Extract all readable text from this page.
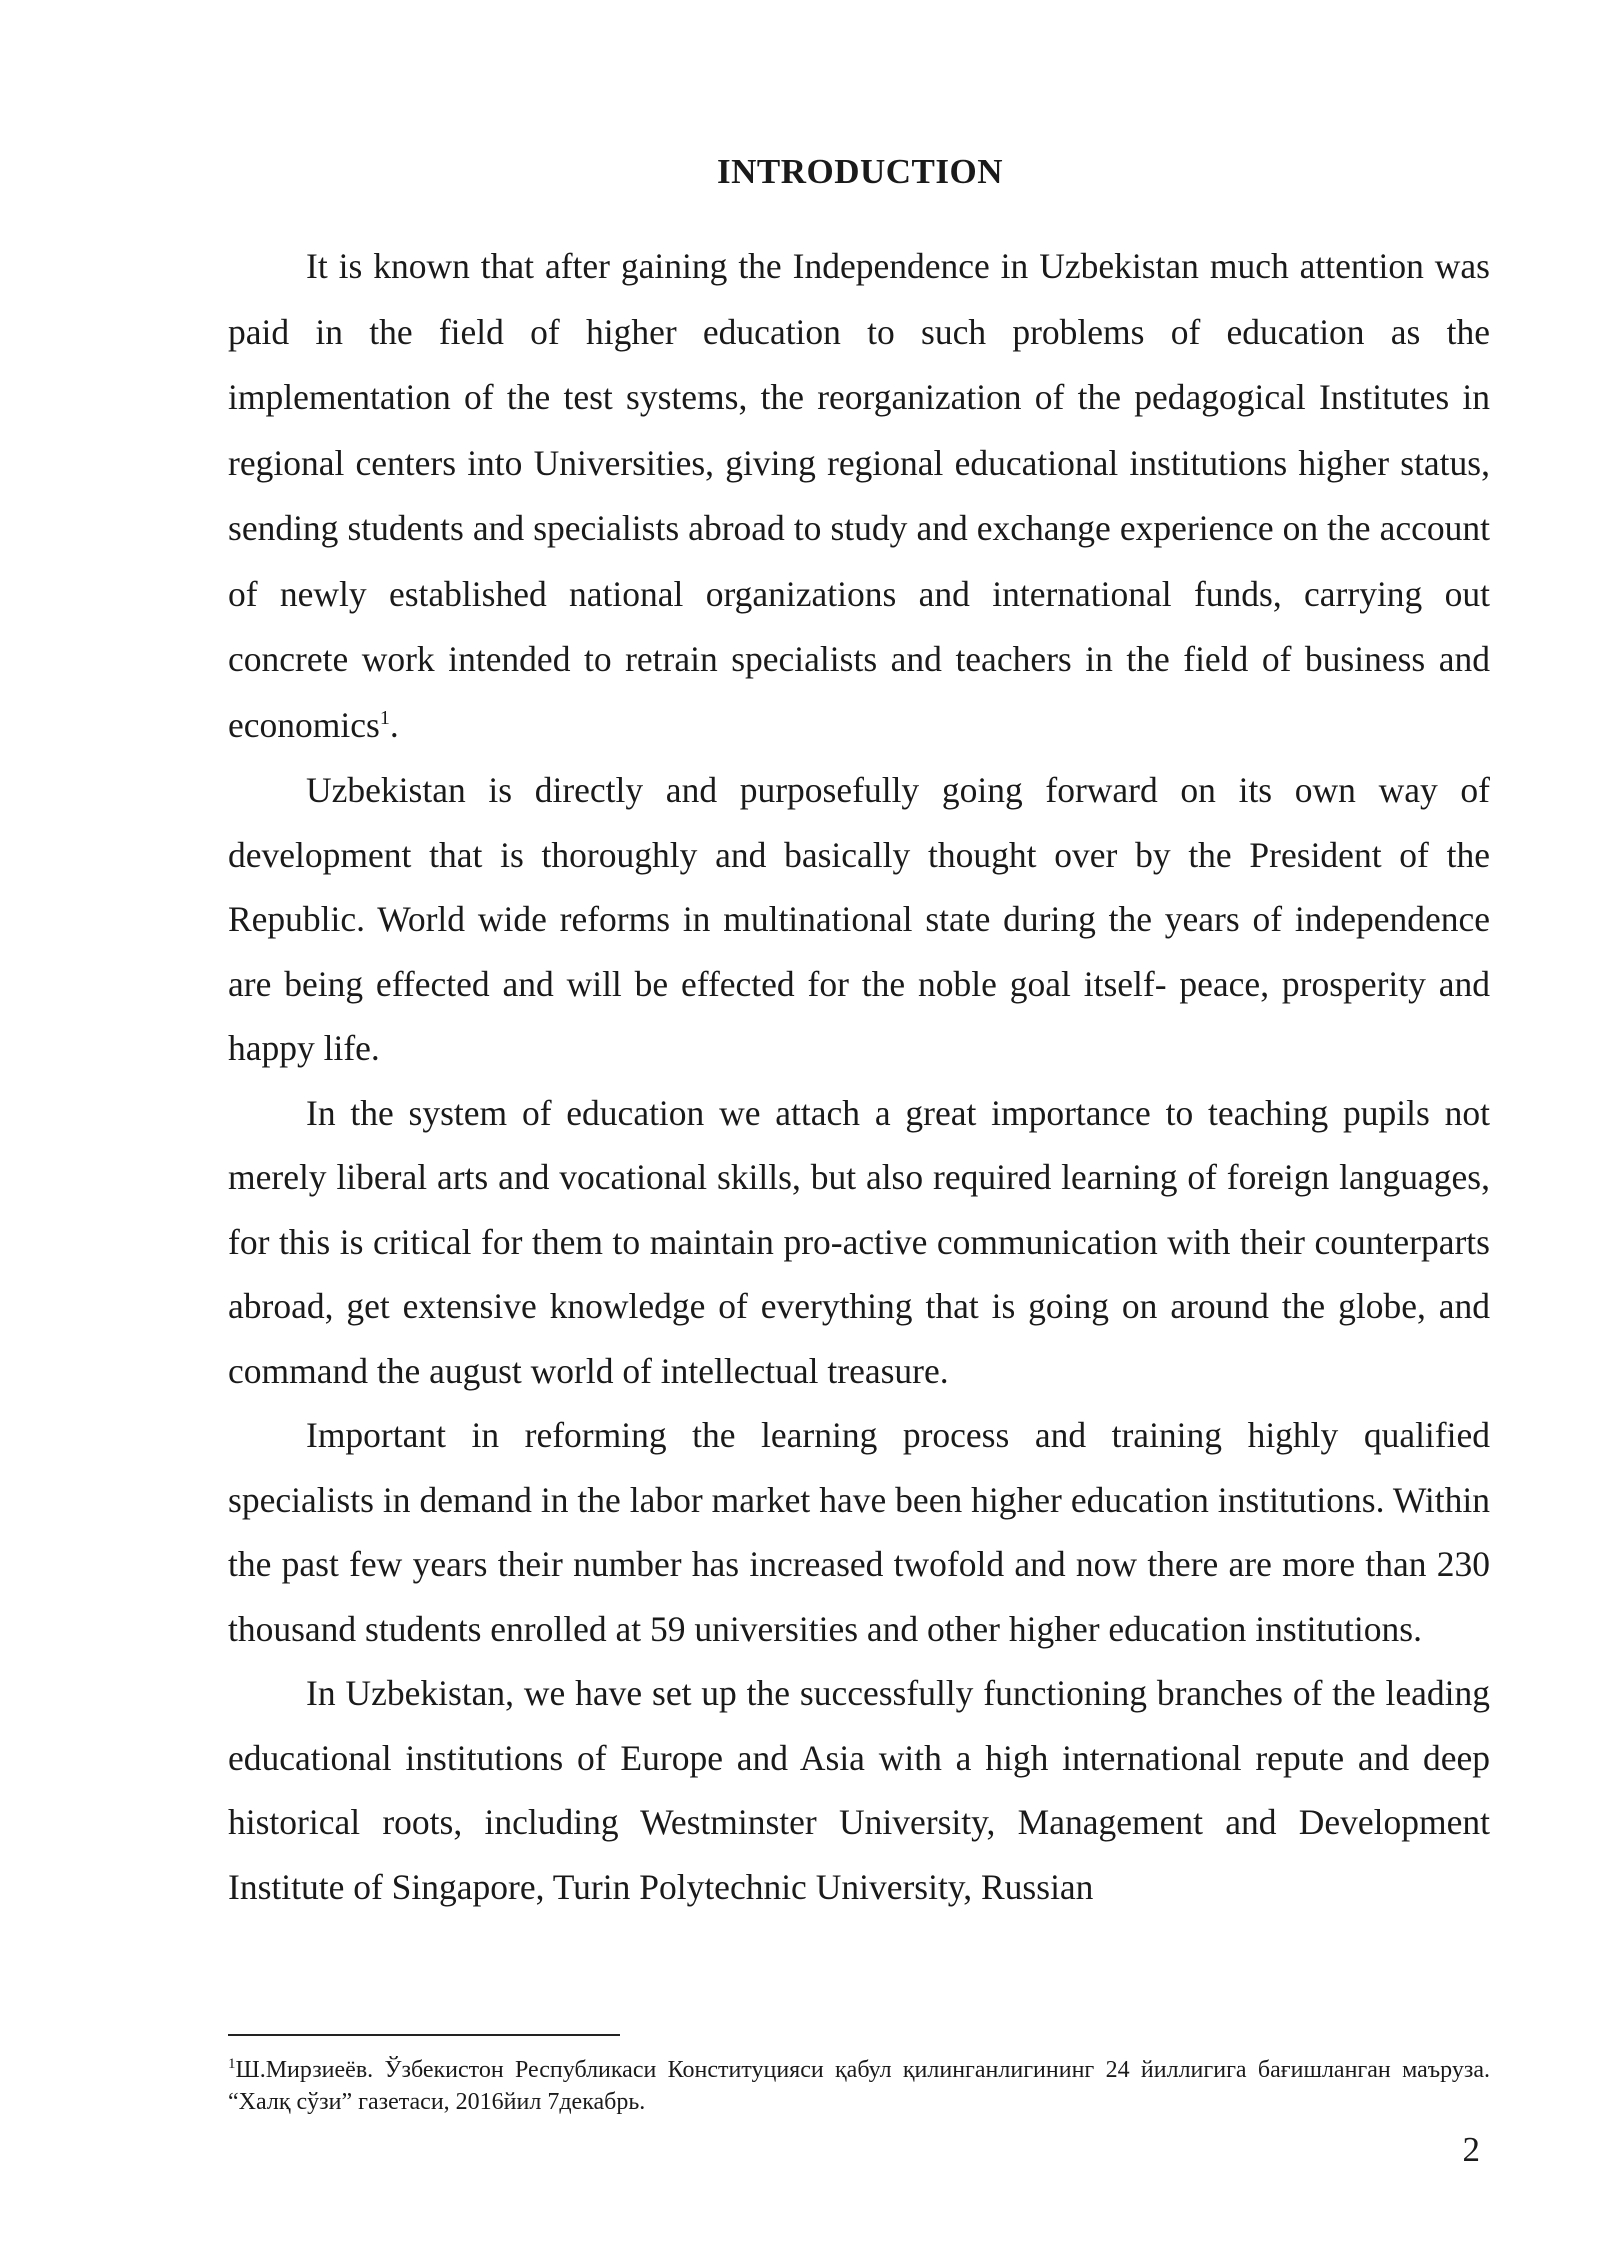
INTRODUCTION

It is known that after gaining the Independence in Uzbekistan much attention was paid in the field of higher education to such problems of education as the implementation of the test systems, the reorganization of the pedagogical Institutes in regional centers into Universities, giving regional educational institutions higher status, sending students and specialists abroad to study and exchange experience on the account of newly established national organizations and international funds, carrying out concrete work intended to retrain specialists and teachers in the field of business and economics$^1$.

Uzbekistan is directly and purposefully going forward on its own way of development that is thoroughly and basically thought over by the President of the Republic. World wide reforms in multinational state during the years of independence are being effected and will be effected for the noble goal itself- peace, prosperity and happy life.

In the system of education we attach a great importance to teaching pupils not merely liberal arts and vocational skills, but also required learning of foreign languages, for this is critical for them to maintain pro-active communication with their counterparts abroad, get extensive knowledge of everything that is going on around the globe, and command the august world of intellectual treasure.

Important in reforming the learning process and training highly qualified specialists in demand in the labor market have been higher education institutions. Within the past few years their number has increased twofold and now there are more than 230 thousand students enrolled at 59 universities and other higher education institutions.

In Uzbekistan, we have set up the successfully functioning branches of the leading educational institutions of Europe and Asia with a high international repute and deep historical roots, including Westminster University, Management and Development Institute of Singapore, Turin Polytechnic University, Russian

$^1$Ш.Мирзиеёв. Ўзбекистон Республикаси Конституцияси қабул қилинганлигининг 24 йиллигига бағишланган маъруза. “Халқ сўзи” газетаси, 2016йил 7декабрь.

2
